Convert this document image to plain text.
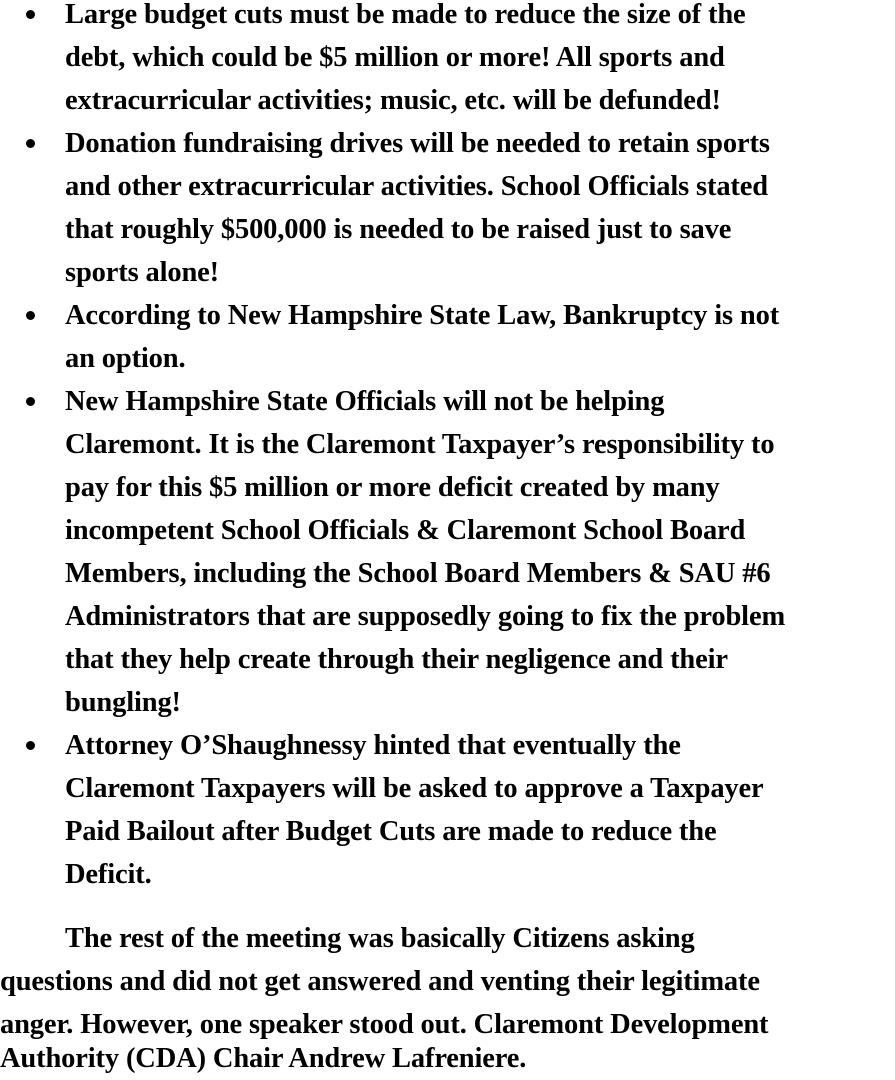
Large budget cuts must be made to reduce the size of the
debt, which could be $5 million or more! All sports and
extracurricular activities; music, etc. will be defunded!
Donation fundraising drives will be needed to retain sports
and other extracurricular activities. School Officials stated
that roughly $500,000 is needed to be raised just to save
sports alone!
According to New Hampshire State Law, Bankruptcy is not
an option.
New Hampshire State Officials will not be helping
Claremont. It is the Claremont Taxpayer’s responsibility to
pay for this $5 million or more deficit created by many
incompetent School Officials & Claremont School Board
Members, including the School Board Members & SAU #6
Administrators that are supposedly going to fix the problem
that they help create through their negligence and their
bungling!
Attorney O’Shaughnessy hinted that eventually the
Claremont Taxpayers will be asked to approve a Taxpayer
Paid Bailout after Budget Cuts are made to reduce the
Deficit.
The rest of the meeting was basically Citizens asking
questions and did not get answered and venting their legitimate
anger. However, one speaker stood out. Claremont Development
Authority (CDA) Chair Andrew Lafreniere.
